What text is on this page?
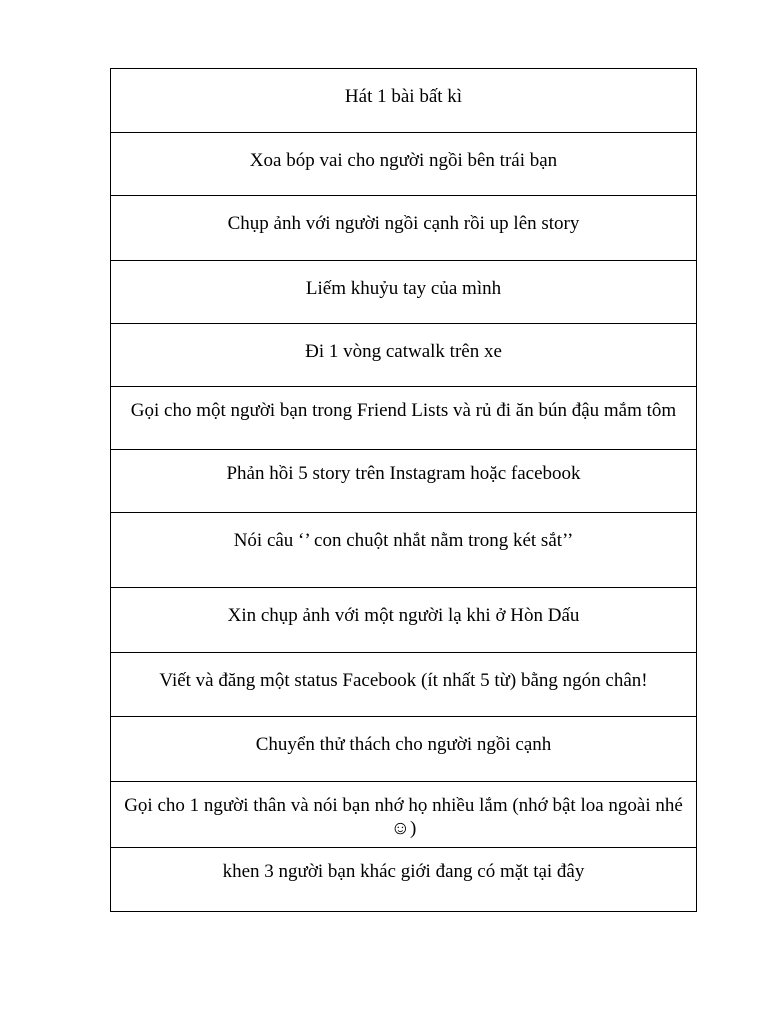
Hát 1 bài bất kì

Xoa bóp vai cho người ngồi bên trái bạn

Chụp ảnh với người ngồi cạnh rồi up lên story

Liếm khuỷu tay của mình

Đi 1 vòng catwalk trên xe

Gọi cho một người bạn trong Friend Lists và rủ đi ăn bún đậu mắm tôm

Phản hồi 5 story trên Instagram hoặc facebook

Nói câu ‘’ con chuột nhắt nằm trong két sắt’’

Xin chụp ảnh với một người lạ khi ở Hòn Dấu

Viết và đăng một status Facebook (ít nhất 5 từ) bằng ngón chân!

Chuyển thử thách cho người ngồi cạnh

Gọi cho 1 người thân và nói bạn nhớ họ nhiều lắm (nhớ bật loa ngoài nhé ☺)

khen 3 người bạn khác giới đang có mặt tại đây
